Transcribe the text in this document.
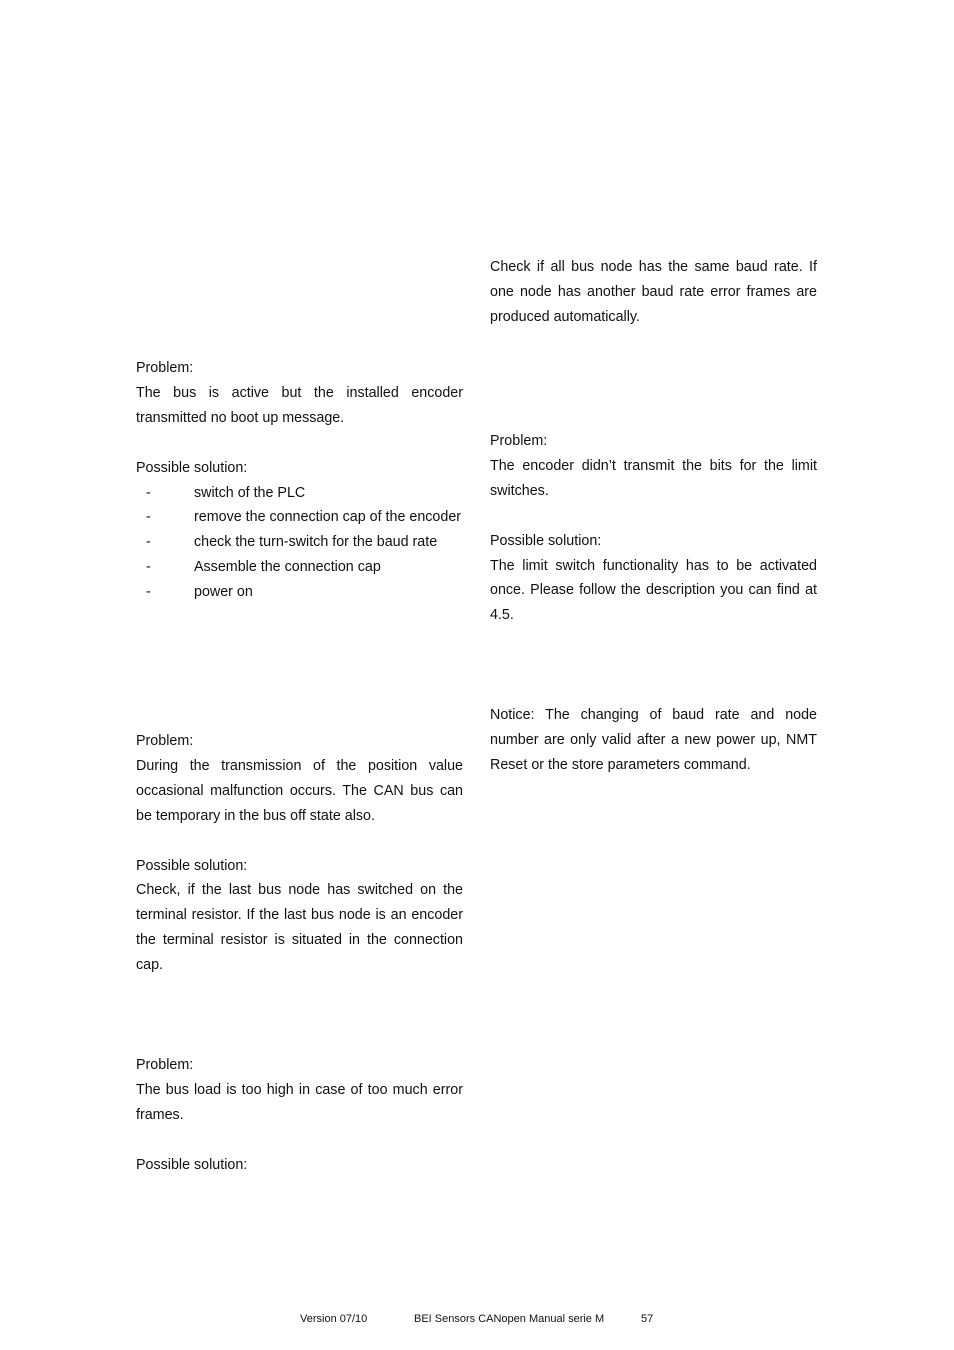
Check if all bus node has the same baud rate. If one node has another baud rate error frames are produced automatically.

Problem:

The bus is active but the installed encoder transmitted no boot up message.

Possible solution:

-	switch of the PLC
-	remove the connection cap of the encoder
-	check the turn-switch for the baud rate
-	Assemble the connection cap
-	power on

Problem:

The encoder didn’t transmit the bits for the limit switches.

Possible solution:

The limit switch functionality has to be activated once. Please follow the description you can find at 4.5.

Notice: The changing of baud rate and node number are only valid after a new power up, NMT Reset or the store parameters command.

Problem:

During the transmission of the position value occasional malfunction occurs. The CAN bus can be temporary in the bus off state also.

Possible solution:

Check, if the last bus node has switched on the terminal resistor. If the last bus node is an encoder the terminal resistor is situated in the connection cap.

Problem:

The bus load is too high in case of too much error frames.

Possible solution:

Version 07/10	BEI Sensors CANopen Manual serie M	57
